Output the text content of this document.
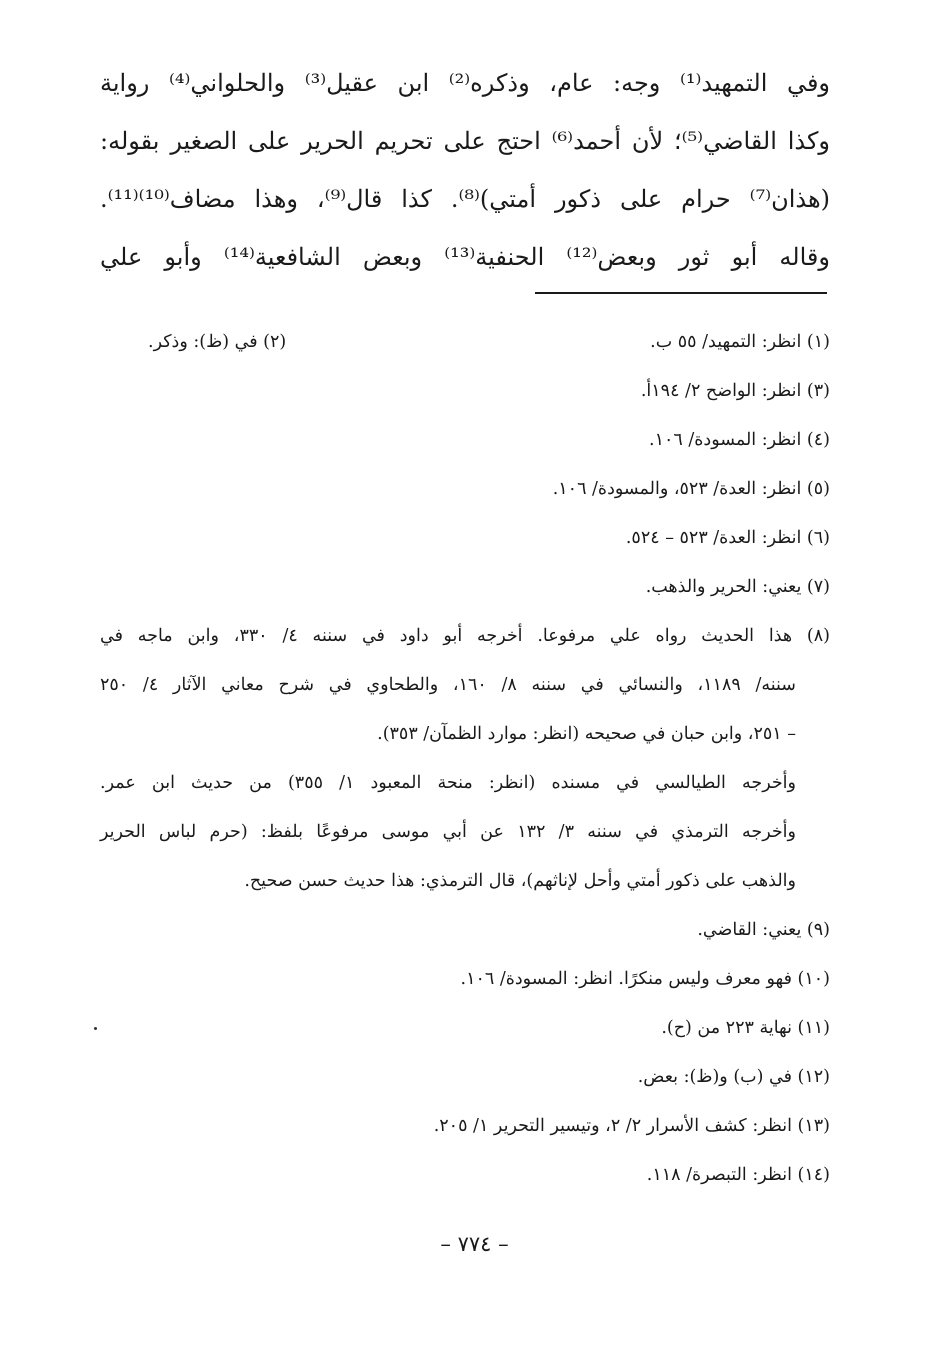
وفي التمهيد⁽¹⁾ وجه: عام، وذكره⁽²⁾ ابن عقيل⁽³⁾ والحلواني⁽⁴⁾ رواية
وكذا القاضي⁽⁵⁾؛ لأن أحمد⁽⁶⁾ احتج على تحريم الحرير على الصغير بقوله:
(هذان⁽⁷⁾ حرام على ذكور أمتي)⁽⁸⁾. كذا قال⁽⁹⁾، وهذا مضاف⁽¹⁰⁾⁽¹¹⁾.
وقاله أبو ثور وبعض⁽¹²⁾ الحنفية⁽¹³⁾ وبعض الشافعية⁽¹⁴⁾ وأبو علي
(١) انظر: التمهيد/ ٥٥ ب.
(٢) في (ظ): وذكر.
(٣) انظر: الواضح ٢/ ١٩٤أ.
(٤) انظر: المسودة/ ١٠٦.
(٥) انظر: العدة/ ٥٢٣، والمسودة/ ١٠٦.
(٦) انظر: العدة/ ٥٢٣ – ٥٢٤.
(٧) يعني: الحرير والذهب.
(٨) هذا الحديث رواه علي مرفوعا. أخرجه أبو داود في سننه ٤/ ٣٣٠، وابن ماجه في
سننه/ ١١٨٩، والنسائي في سننه ٨/ ١٦٠، والطحاوي في شرح معاني الآثار ٤/ ٢٥٠
– ٢٥١، وابن حبان في صحيحه (انظر: موارد الظمآن/ ٣٥٣).
وأخرجه الطيالسي في مسنده (انظر: منحة المعبود ١/ ٣٥٥) من حديث ابن عمر.
وأخرجه الترمذي في سننه ٣/ ١٣٢ عن أبي موسى مرفوعًا بلفظ: (حرم لباس الحرير
والذهب على ذكور أمتي وأحل لإناثهم)، قال الترمذي: هذا حديث حسن صحيح.
(٩) يعني: القاضي.
(١٠) فهو معرف وليس منكرًا. انظر: المسودة/ ١٠٦.
(١١) نهاية ٢٢٣ من (ح).
(١٢) في (ب) و(ظ): بعض.
(١٣) انظر: كشف الأسرار ٢/ ٢، وتيسير التحرير ١/ ٢٠٥.
(١٤) انظر: التبصرة/ ١١٨.
– ٧٧٤ –
